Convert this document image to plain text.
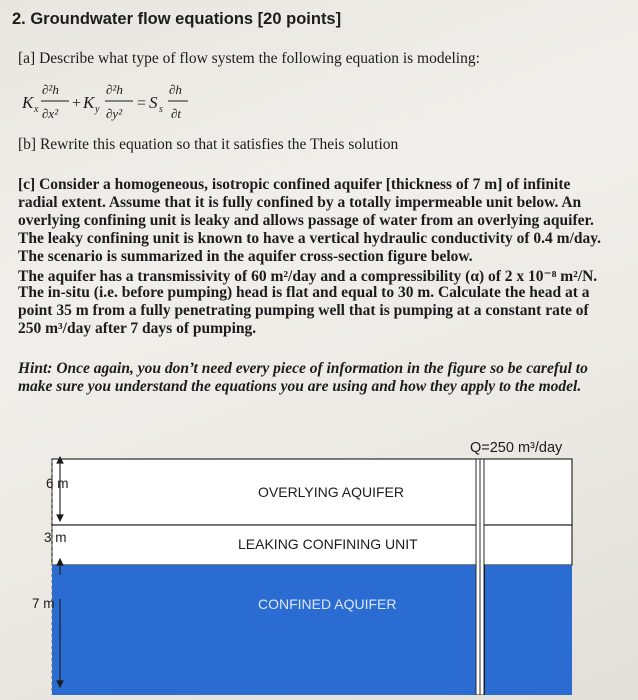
2. Groundwater flow equations [20 points]
[a] Describe what type of flow system the following equation is modeling:
K x
∂²h
∂x²
+ K y
∂²h
∂y²
= S s
∂h
∂t
[b] Rewrite this equation so that it satisfies the Theis solution
[c] Consider a homogeneous, isotropic confined aquifer [thickness of 7 m] of infinite
radial extent. Assume that it is fully confined by a totally impermeable unit below. An
overlying confining unit is leaky and allows passage of water from an overlying aquifer.
The leaky confining unit is known to have a vertical hydraulic conductivity of 0.4 m/day.
The scenario is summarized in the aquifer cross-section figure below.
The aquifer has a transmissivity of 60 m²/day and a compressibility (α) of 2 x 10⁻⁸ m²/N.
The in-situ (i.e. before pumping) head is flat and equal to 30 m. Calculate the head at a
point 35 m from a fully penetrating pumping well that is pumping at a constant rate of
250 m³/day after 7 days of pumping.
Hint: Once again, you don’t need every piece of information in the figure so be careful to
make sure you understand the equations you are using and how they apply to the model.
Q=250 m³/day
6 m
3 m
7 m
OVERLYING AQUIFER
LEAKING CONFINING UNIT
CONFINED AQUIFER
